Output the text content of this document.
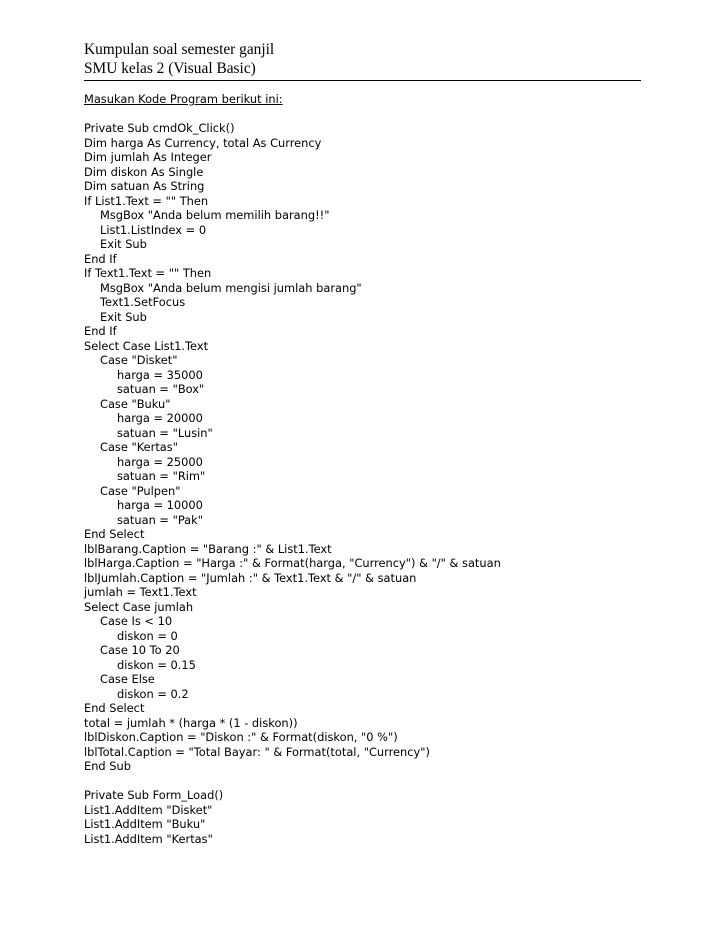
Kumpulan soal semester ganjil
SMU kelas 2 (Visual Basic)
Masukan Kode Program berikut ini:
Private Sub cmdOk_Click()
Dim harga As Currency, total As Currency
Dim jumlah As Integer
Dim diskon As Single
Dim satuan As String
If List1.Text = "" Then
MsgBox "Anda belum memilih barang!!"
List1.ListIndex = 0
Exit Sub
End If
If Text1.Text = "" Then
MsgBox "Anda belum mengisi jumlah barang"
Text1.SetFocus
Exit Sub
End If
Select Case List1.Text
Case "Disket"
harga = 35000
satuan = "Box"
Case "Buku"
harga = 20000
satuan = "Lusin"
Case "Kertas"
harga = 25000
satuan = "Rim"
Case "Pulpen"
harga = 10000
satuan = "Pak"
End Select
lblBarang.Caption = "Barang :" & List1.Text
lblHarga.Caption = "Harga :" & Format(harga, "Currency") & "/" & satuan
lblJumlah.Caption = "Jumlah :" & Text1.Text & "/" & satuan
jumlah = Text1.Text
Select Case jumlah
Case Is < 10
diskon = 0
Case 10 To 20
diskon = 0.15
Case Else
diskon = 0.2
End Select
total = jumlah * (harga * (1 - diskon))
lblDiskon.Caption = "Diskon :" & Format(diskon, "0 %")
lblTotal.Caption = "Total Bayar: " & Format(total, "Currency")
End Sub
Private Sub Form_Load()
List1.AddItem "Disket"
List1.AddItem "Buku"
List1.AddItem "Kertas"
